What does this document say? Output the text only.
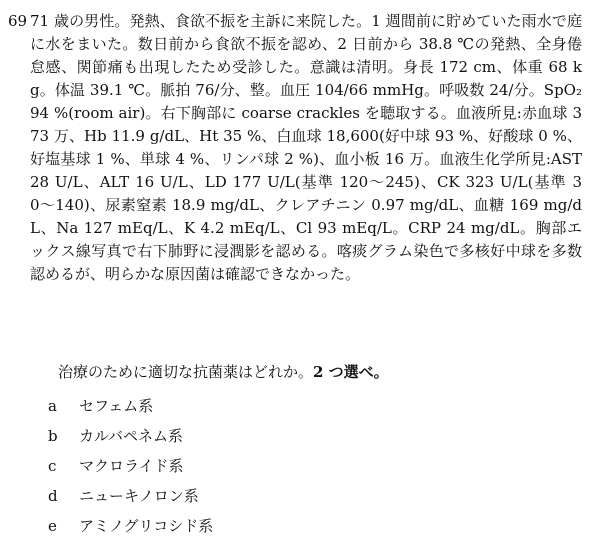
69 71 歳の男性。発熱、食欲不振を主訴に来院した。1 週間前に貯めていた雨水で庭に水をまいた。数日前から食欲不振を認め、2 日前から 38.8 ℃の発熱、全身倦怠感、関節痛も出現したため受診した。意識は清明。身長 172 cm、体重 68 kg。体温 39.1 ℃。脈拍 76/分、整。血圧 104/66 mmHg。呼吸数 24/分。SpO₂ 94 %(room air)。右下胸部に coarse crackles を聴取する。血液所見:赤血球 373 万、Hb 11.9 g/dL、Ht 35 %、白血球 18,600(好中球 93 %、好酸球 0 %、好塩基球 1 %、単球 4 %、リンパ球 2 %)、血小板 16 万。血液生化学所見:AST 28 U/L、ALT 16 U/L、LD 177 U/L(基準 120〜245)、CK 323 U/L(基準 30〜140)、尿素窒素 18.9 mg/dL、クレアチニン 0.97 mg/dL、血糖 169 mg/dL、Na 127 mEq/L、K 4.2 mEq/L、Cl 93 mEq/L。CRP 24 mg/dL。胸部エックス線写真で右下肺野に浸潤影を認める。喀痰グラム染色で多核好中球を多数認めるが、明らかな原因菌は確認できなかった。
治療のために適切な抗菌薬はどれか。2 つ選べ。
a	セフェム系
b	カルバペネム系
c	マクロライド系
d	ニューキノロン系
e	アミノグリコシド系
